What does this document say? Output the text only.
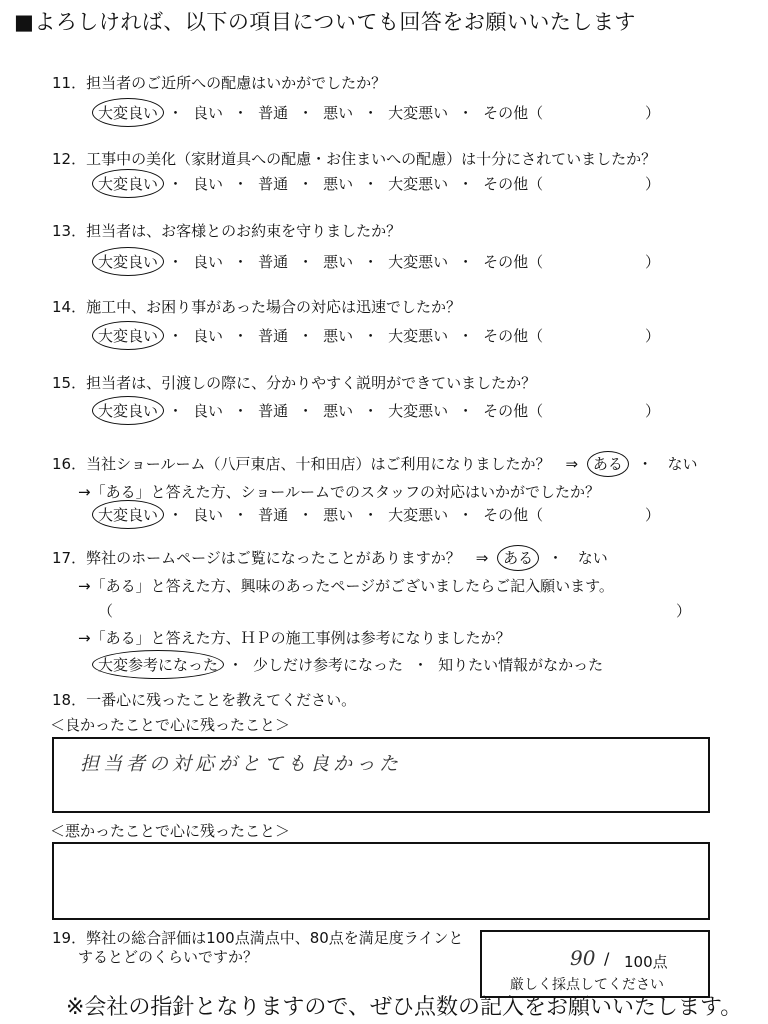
■よろしければ、以下の項目についても回答をお願いいたします
11．担当者のご近所への配慮はいかがでしたか？
大変良い ・ 良い ・ 普通 ・ 悪い ・ 大変悪い ・ その他（	）
12．工事中の美化（家財道具への配慮・お住まいへの配慮）は十分にされていましたか？
大変良い ・ 良い ・ 普通 ・ 悪い ・ 大変悪い ・ その他（	）
13．担当者は、お客様とのお約束を守りましたか？
大変良い ・ 良い ・ 普通 ・ 悪い ・ 大変悪い ・ その他（	）
14．施工中、お困り事があった場合の対応は迅速でしたか？
大変良い ・ 良い ・ 普通 ・ 悪い ・ 大変悪い ・ その他（	）
15．担当者は、引渡しの際に、分かりやすく説明ができていましたか？
大変良い ・ 良い ・ 普通 ・ 悪い ・ 大変悪い ・ その他（	）
16．当社ショールーム（八戸東店、十和田店）はご利用になりましたか？　⇒ ある ・ ない
→「ある」と答えた方、ショールームでのスタッフの対応はいかがでしたか？
大変良い ・ 良い ・ 普通 ・ 悪い ・ 大変悪い ・ その他（	）
17．弊社のホームページはご覧になったことがありますか？　⇒ ある ・ ない
→「ある」と答えた方、興味のあったページがございましたらご記入願います。
（	）
→「ある」と答えた方、ＨＰの施工事例は参考になりましたか？
大変参考になった ・ 少しだけ参考になった ・ 知りたい情報がなかった
18．一番心に残ったことを教えてください。
＜良かったことで心に残ったこと＞
担当者の対応がとても良かった
＜悪かったことで心に残ったこと＞
19．弊社の総合評価は100点満点中、80点を満足度ラインと
するとどのくらいですか？	90 / 100点
厳しく採点してください
※会社の指針となりますので、ぜひ点数の記入をお願いいたします。
